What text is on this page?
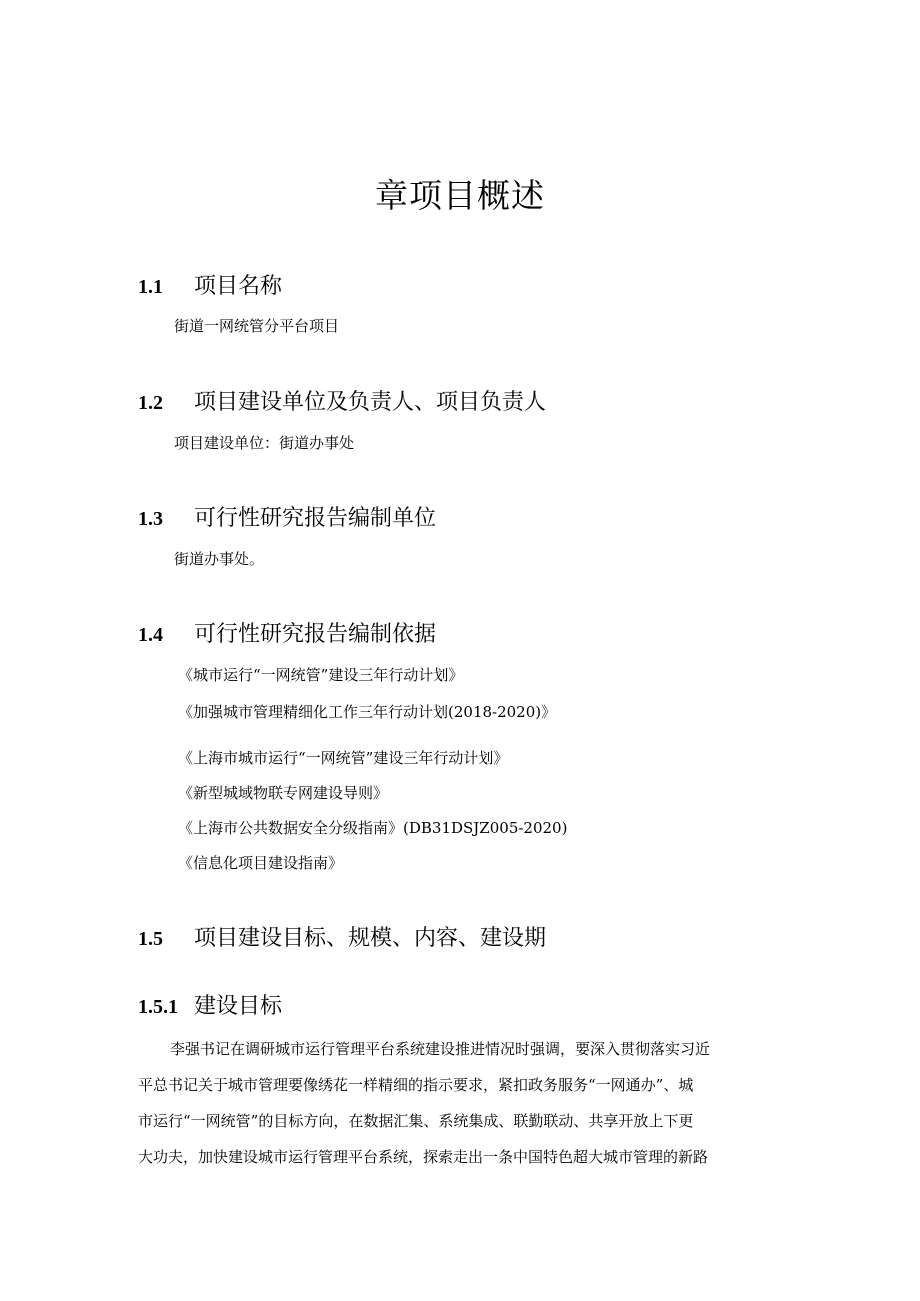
章项目概述
1.1 项目名称
街道一网统管分平台项目
1.2 项目建设单位及负责人、项目负责人
项目建设单位：街道办事处
1.3 可行性研究报告编制单位
街道办事处。
1.4 可行性研究报告编制依据
《城市运行“一网统管”建设三年行动计划》
《加强城市管理精细化工作三年行动计划(2018-2020)》
《上海市城市运行“一网统管”建设三年行动计划》
《新型城域物联专网建设导则》
《上海市公共数据安全分级指南》(DB31DSJZ005-2020)
《信息化项目建设指南》
1.5 项目建设目标、规模、内容、建设期
1.5.1 建设目标
李强书记在调研城市运行管理平台系统建设推进情况时强调，要深入贯彻落实习近
平总书记关于城市管理要像绣花一样精细的指示要求，紧扣政务服务“一网通办”、城
市运行“一网统管”的目标方向，在数据汇集、系统集成、联勤联动、共享开放上下更
大功夫，加快建设城市运行管理平台系统，探索走出一条中国特色超大城市管理的新路
